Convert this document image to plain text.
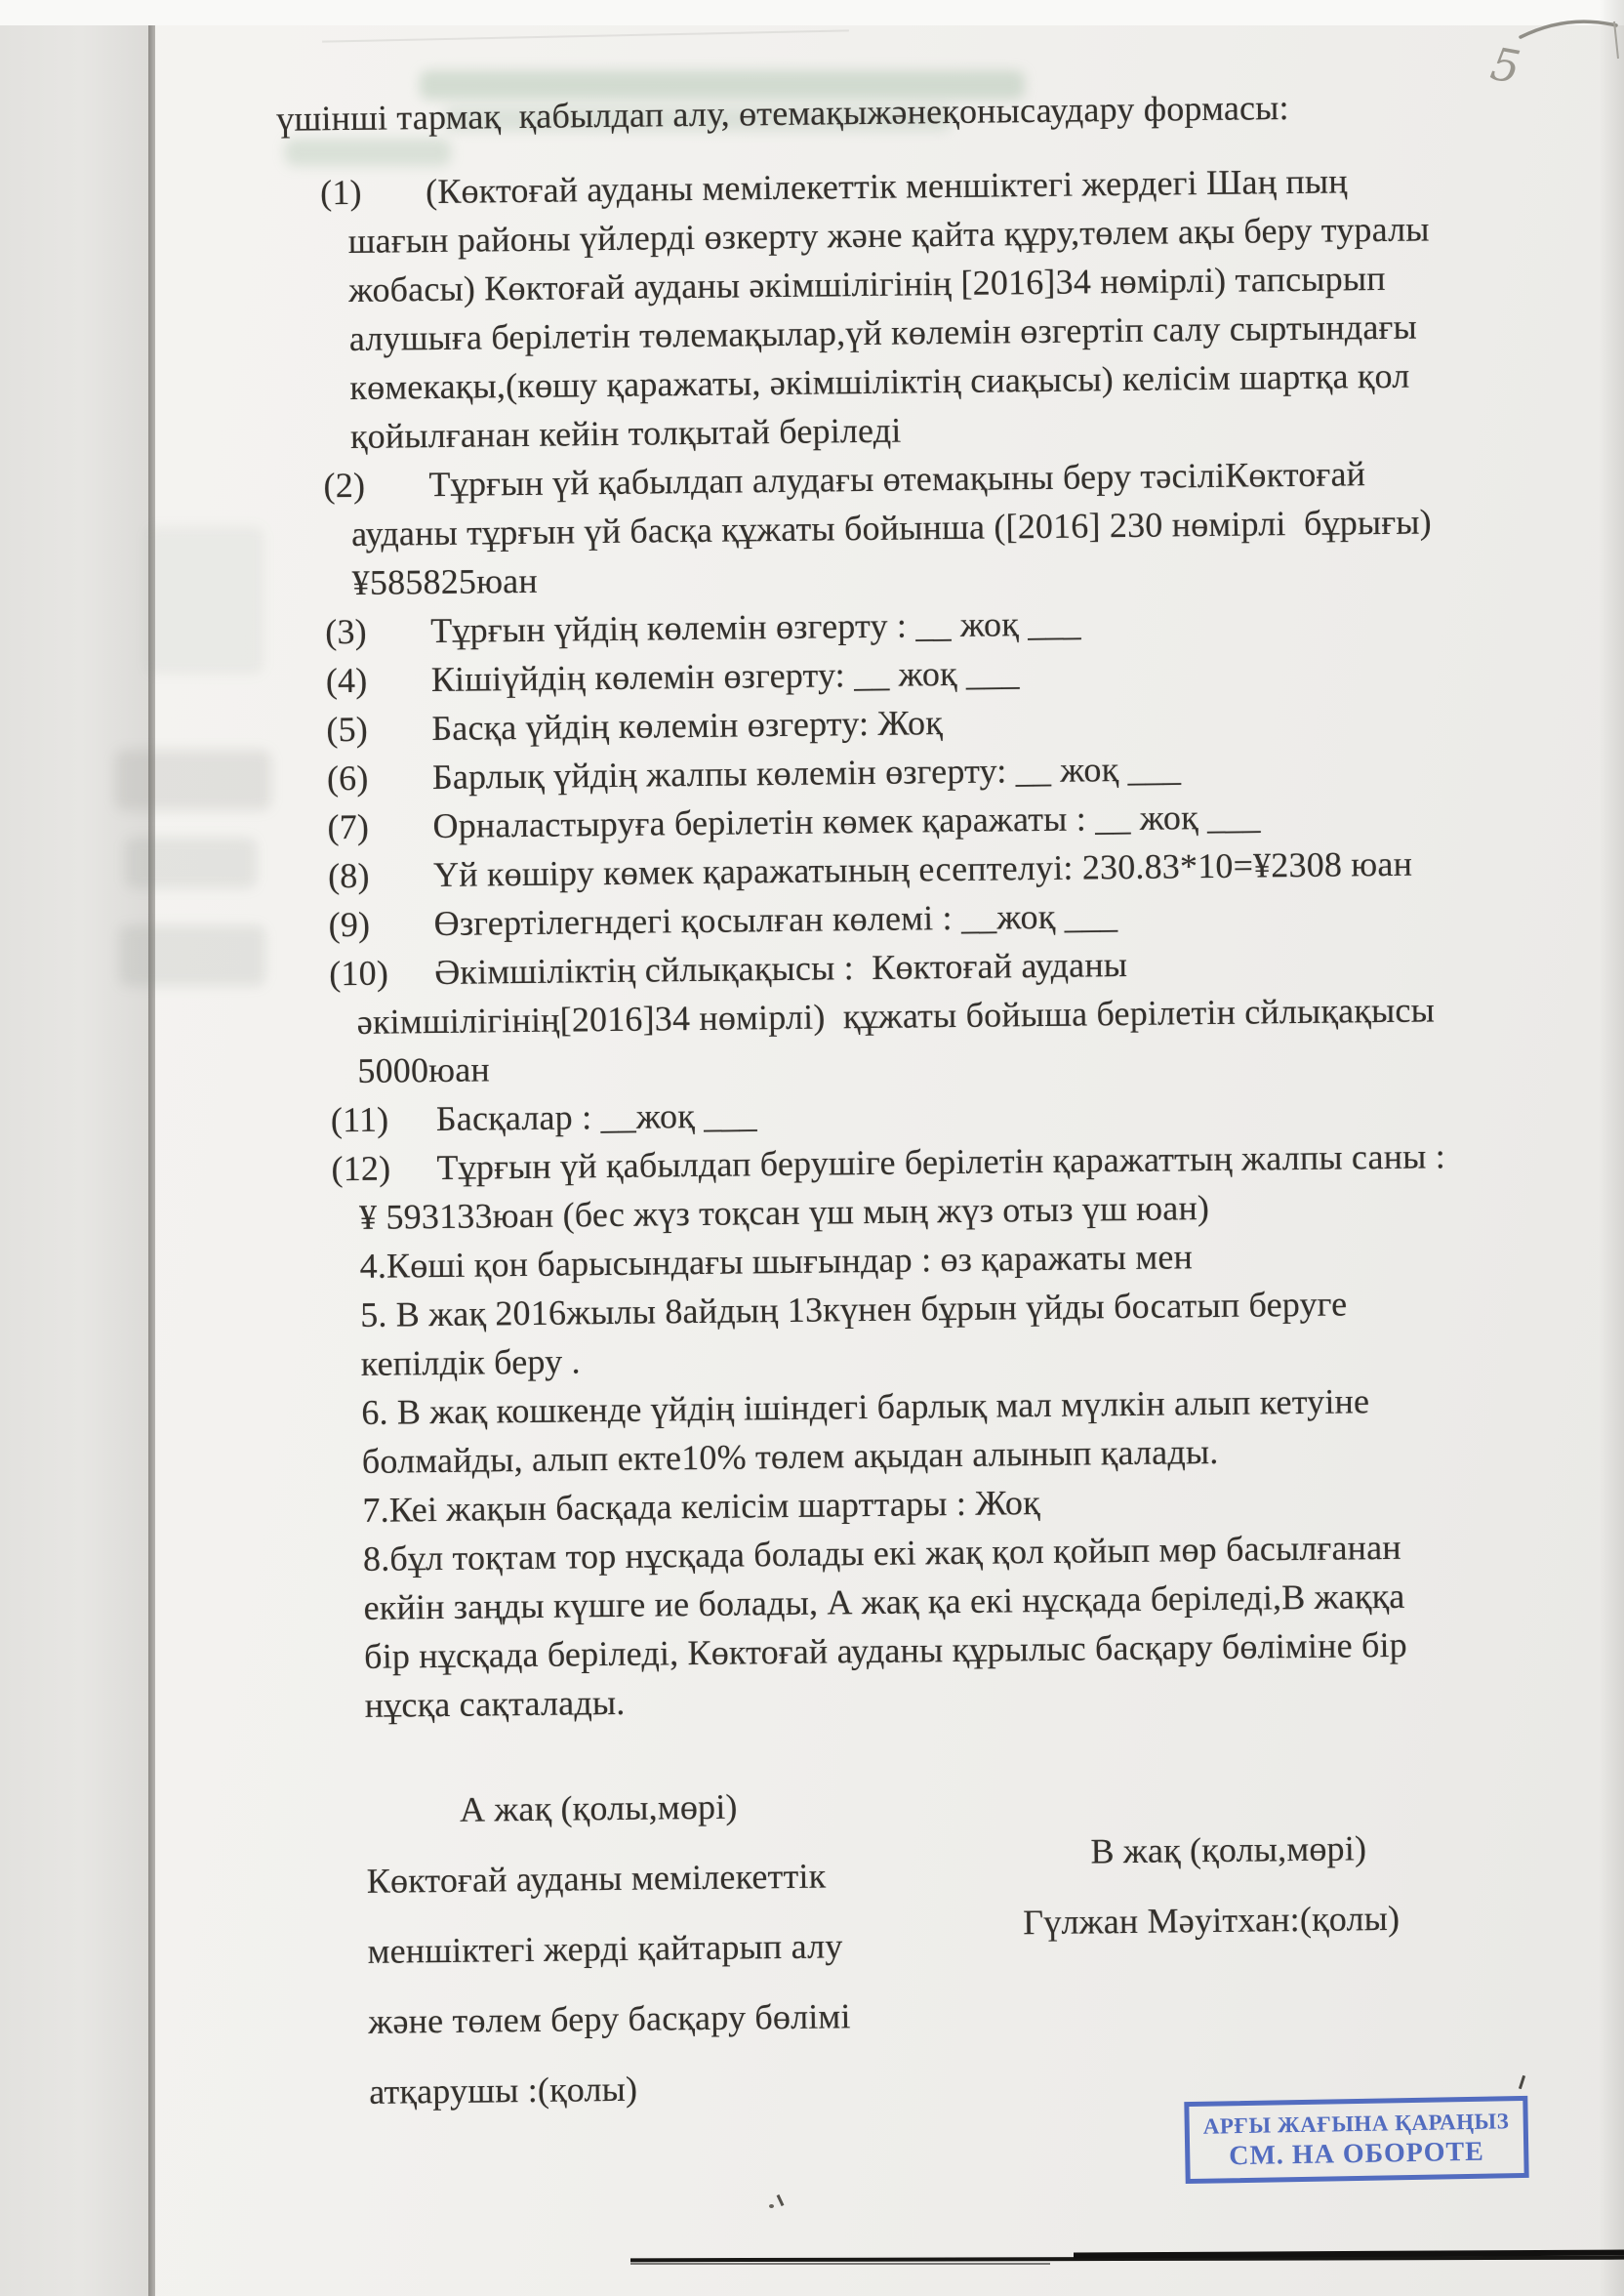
5
үшінші тармақ  қабылдап алу, өтемақыжәнеқонысаудару формасы:
(1) (Көктоғай ауданы мемілекеттік меншіктегі жердегі Шаң пың
шағын районы үйлерді өзкерту және қайта құру,төлем ақы беру туралы
жобасы) Көктоғай ауданы әкімшілігінің [2016]34 нөмірлі) тапсырып
алушыға берілетін төлемақылар,үй көлемін өзгертіп салу сыртындағы
көмекақы,(көшу қаражаты, әкімшіліктің сиақысы) келісім шартқа қол
қойылғанан кейін толқытай беріледі
(2) Тұрғын үй қабылдап алудағы өтемақыны беру тәсіліКөктоғай
ауданы тұрғын үй басқа құжаты бойынша ([2016] 230 нөмірлі  бұрығы)
¥585825юан
(3) Тұрғын үйдің көлемін өзгерту : __ жоқ ___
(4) Кішіүйдің көлемін өзгерту: __ жоқ ___
(5) Басқа үйдің көлемін өзгерту: Жоқ
(6) Барлық үйдің жалпы көлемін өзгерту: __ жоқ ___
(7) Орналастыруға берілетін көмек қаражаты : __ жоқ ___
(8) Үй көшіру көмек қаражатының есептелуі: 230.83*10=¥2308 юан
(9) Өзгертілегндегі қосылған көлемі : __жоқ ___
(10) Әкімшіліктің сйлықақысы :  Көктоғай ауданы
әкімшілігінің[2016]34 нөмірлі)  құжаты бойыша берілетін сйлықақысы
5000юан
(11) Басқалар : __жоқ ___
(12) Тұрғын үй қабылдап берушіге берілетін қаражаттың жалпы саны :
¥ 593133юан (бес жүз тоқсан үш мың жүз отыз үш юан)

4.Көші қон барысындағы шығындар : өз қаражаты мен

5. В жақ 2016жылы 8айдың 13күнен бұрын үйды босатып беруге
кепілдік беру .

6. В жақ кошкенде үйдің ішіндегі барлық мал мүлкін алып кетуіне
болмайды, алып екте10% төлем ақыдан алынып қалады.

7.Кеі жақын басқада келісім шарттары : Жоқ

8.бұл тоқтам тор нұсқада болады екі жақ қол қойып мөр басылғанан
екйін заңды күшге ие болады, А жақ қа екі нұсқада беріледі,В жаққа
бір нұсқада беріледі, Көктоғай ауданы құрылыс басқару бөліміне бір
нұсқа сақталады.

А жақ (қолы,мөрі)
Көктоғай ауданы мемілекеттік
меншіктегі жерді қайтарып алу
және төлем беру басқару бөлімі
атқарушы :(қолы)
В жақ (қолы,мөрі)
Гүлжан Мәуітхан:(қолы)
АРҒЫ ЖАҒЫНА ҚАРАҢЫЗ
СМ. НА ОБОРОТЕ
